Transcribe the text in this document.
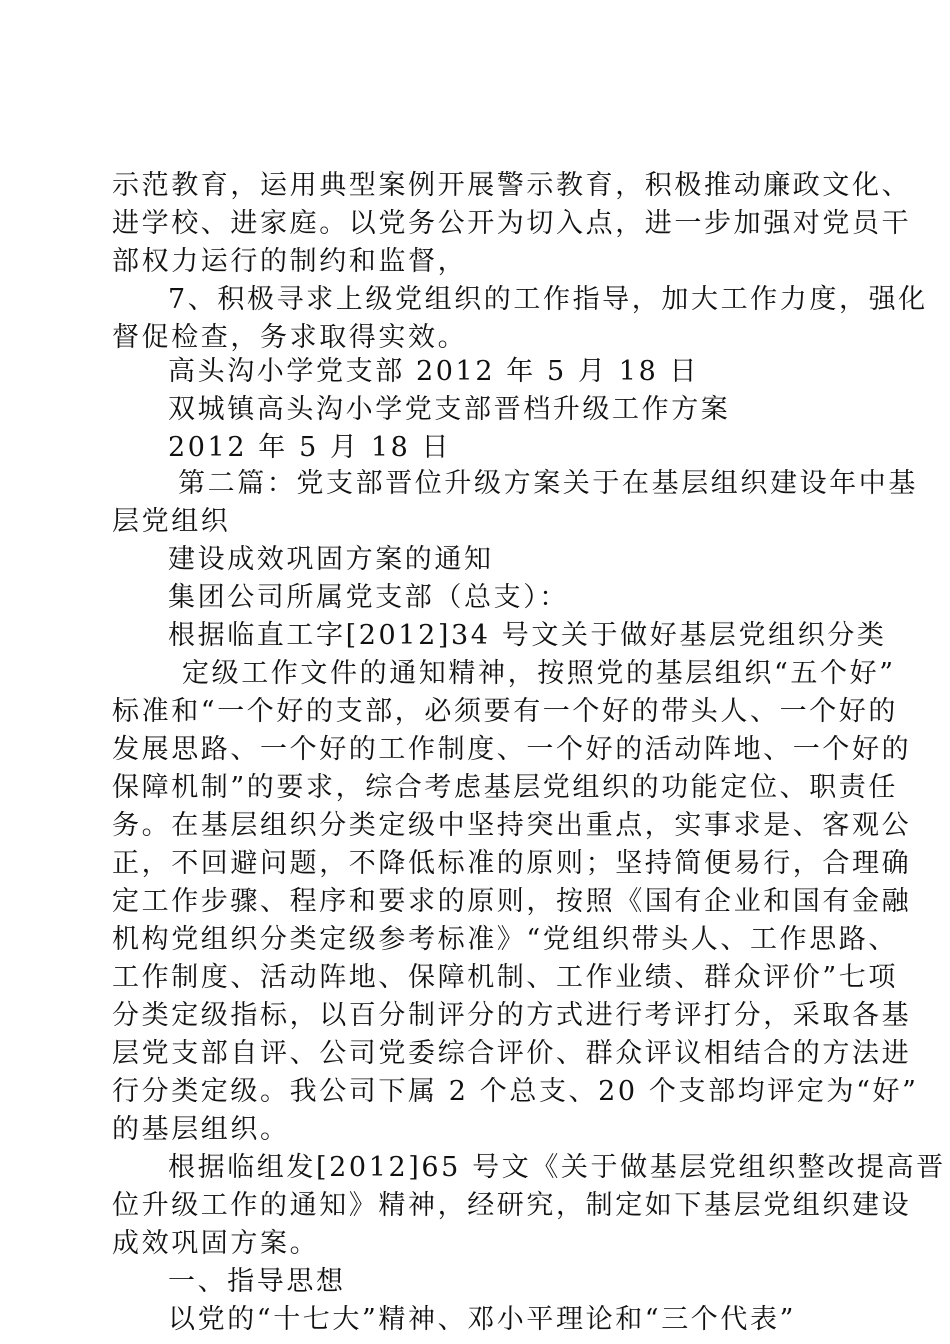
示范教育，运用典型案例开展警示教育，积极推动廉政文化、
进学校、进家庭。以党务公开为切入点，进一步加强对党员干
部权力运行的制约和监督，
7、积极寻求上级党组织的工作指导，加大工作力度，强化
督促检查，务求取得实效。
高头沟小学党支部 2012 年 5 月 18 日
双城镇高头沟小学党支部晋档升级工作方案
2012 年 5 月 18 日
第二篇：党支部晋位升级方案关于在基层组织建设年中基
层党组织
建设成效巩固方案的通知
集团公司所属党支部（总支）：
根据临直工字[2012]34 号文关于做好基层党组织分类
定级工作文件的通知精神，按照党的基层组织“五个好”
标准和“一个好的支部，必须要有一个好的带头人、一个好的
发展思路、一个好的工作制度、一个好的活动阵地、一个好的
保障机制”的要求，综合考虑基层党组织的功能定位、职责任
务。在基层组织分类定级中坚持突出重点，实事求是、客观公
正，不回避问题，不降低标准的原则；坚持简便易行，合理确
定工作步骤、程序和要求的原则，按照《国有企业和国有金融
机构党组织分类定级参考标准》“党组织带头人、工作思路、
工作制度、活动阵地、保障机制、工作业绩、群众评价”七项
分类定级指标，以百分制评分的方式进行考评打分，采取各基
层党支部自评、公司党委综合评价、群众评议相结合的方法进
行分类定级。我公司下属 2 个总支、20 个支部均评定为“好”
的基层组织。
根据临组发[2012]65 号文《关于做基层党组织整改提高晋
位升级工作的通知》精神，经研究，制定如下基层党组织建设
成效巩固方案。
一、指导思想
以党的“十七大”精神、邓小平理论和“三个代表”
